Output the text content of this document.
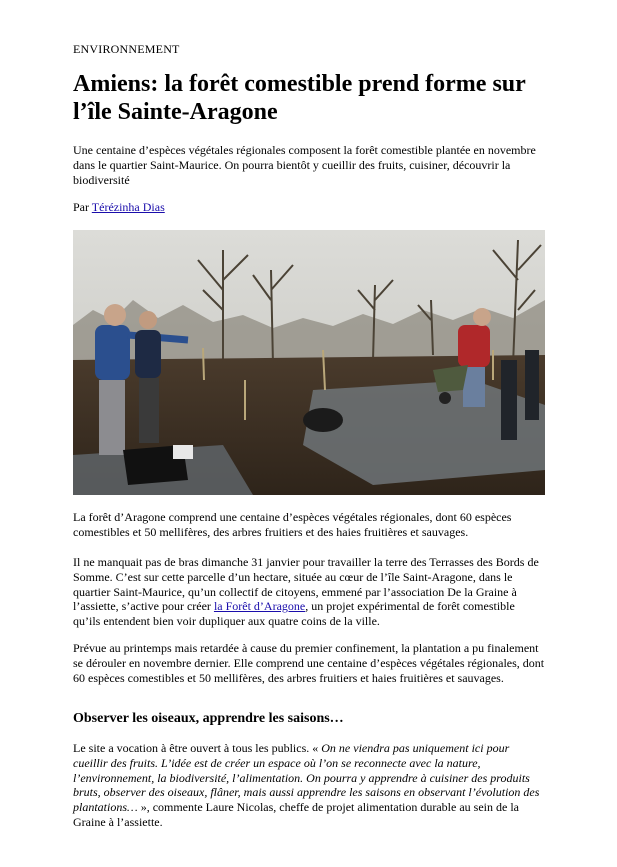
ENVIRONNEMENT
Amiens: la forêt comestible prend forme sur l’île Sainte-Aragone

Une centaine d’espèces végétales régionales composent la forêt comestible plantée en novembre dans le quartier Saint-Maurice. On pourra bientôt y cueillir des fruits, cuisiner, découvrir la biodiversité

Par Térézinha Dias

La forêt d’Aragone comprend une centaine d’espèces végétales régionales, dont 60 espèces comestibles et 50 mellifères, des arbres fruitiers et des haies fruitières et sauvages.

Il ne manquait pas de bras dimanche 31 janvier pour travailler la terre des Terrasses des Bords de Somme. C’est sur cette parcelle d’un hectare, située au cœur de l’île Saint-Aragone, dans le quartier Saint-Maurice, qu’un collectif de citoyens, emmené par l’association De la Graine à l’assiette, s’active pour créer la Forêt d’Aragone, un projet expérimental de forêt comestible qu’ils entendent bien voir dupliquer aux quatre coins de la ville.

Prévue au printemps mais retardée à cause du premier confinement, la plantation a pu finalement se dérouler en novembre dernier. Elle comprend une centaine d’espèces végétales régionales, dont 60 espèces comestibles et 50 mellifères, des arbres fruitiers et haies fruitières et sauvages.

Observer les oiseaux, apprendre les saisons…

Le site a vocation à être ouvert à tous les publics. « On ne viendra pas uniquement ici pour cueillir des fruits. L’idée est de créer un espace où l’on se reconnecte avec la nature, l’environnement, la biodiversité, l’alimentation. On pourra y apprendre à cuisiner des produits bruts, observer des oiseaux, flâner, mais aussi apprendre les saisons en observant l’évolution des plantations… », commente Laure Nicolas, cheffe de projet alimentation durable au sein de la Graine à l’assiette.
